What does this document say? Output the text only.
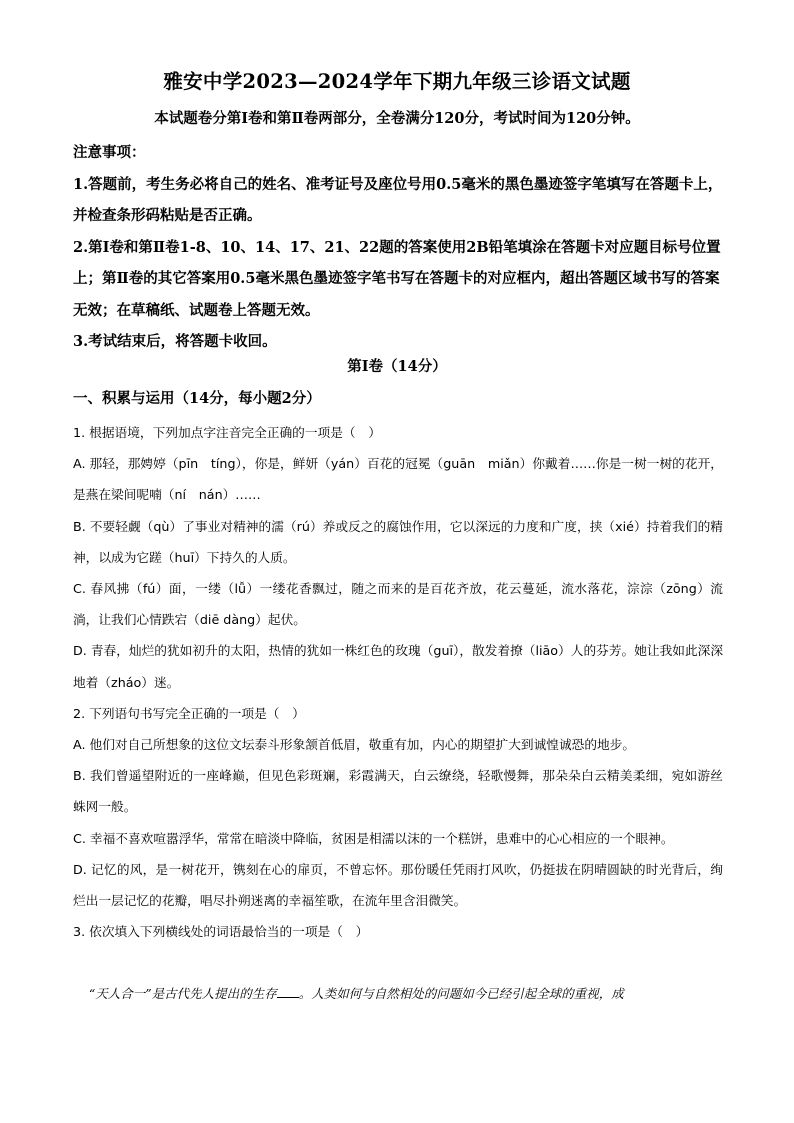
雅安中学2023—2024学年下期九年级三诊语文试题
本试题卷分第Ⅰ卷和第Ⅱ卷两部分，全卷满分120分，考试时间为120分钟。

注意事项：

1.答题前，考生务必将自己的姓名、准考证号及座位号用0.5毫米的黑色墨迹签字笔填写在答题卡上，并检查条形码粘贴是否正确。

2.第Ⅰ卷和第Ⅱ卷1-8、10、14、17、21、22题的答案使用2B铅笔填涂在答题卡对应题目标号位置上；第Ⅱ卷的其它答案用0.5毫米黑色墨迹签字笔书写在答题卡的对应框内，超出答题区域书写的答案无效；在草稿纸、试题卷上答题无效。

3.考试结束后，将答题卡收回。

第Ⅰ卷（14分）
一、积累与运用（14分，每小题2分）

1. 根据语境，下列加点字注音完全正确的一项是（　）

A. 那轻，那娉婷（pīn　tíng），你是，鲜妍（yán）百花的冠冕（guān　miǎn）你戴着……你是一树一树的花开，是燕在梁间呢喃（ní　nán）……

B. 不要轻觑（qù）了事业对精神的濡（rú）养或反之的腐蚀作用，它以深远的力度和广度，挟（xié）持着我们的精神，以成为它蹉（huī）下持久的人质。

C. 春风拂（fú）面，一缕（lǚ）一缕花香飘过，随之而来的是百花齐放，花云蔓延，流水落花，淙淙（zōng）流淌，让我们心情跌宕（diē dàng）起伏。

D. 青春，灿烂的犹如初升的太阳，热情的犹如一株红色的玫瑰（guī），散发着撩（liāo）人的芬芳。她让我如此深深地着（zháo）迷。

2. 下列语句书写完全正确的一项是（　）

A. 他们对自己所想象的这位文坛泰斗形象颔首低眉，敬重有加，内心的期望扩大到诚惶诚恐的地步。

B. 我们曾遥望附近的一座峰巅，但见色彩斑斓，彩霞满天，白云缭绕，轻歌慢舞，那朵朵白云精美柔细，宛如游丝蛛网一般。

C. 幸福不喜欢喧嚣浮华，常常在暗淡中降临，贫困是相濡以沫的一个糕饼，患难中的心心相应的一个眼神。

D. 记忆的风，是一树花开，镌刻在心的扉页，不曾忘怀。那份暖任凭雨打风吹，仍挺拔在阴晴圆缺的时光背后，绚烂出一层记忆的花瓣，唱尽扑朔迷离的幸福笙歌，在流年里含泪微笑。

3. 依次填入下列横线处的词语最恰当的一项是（　）

“天人合一”是古代先人提出的生存 。人类如何与自然相处的问题如今已经引起全球的重视，成
